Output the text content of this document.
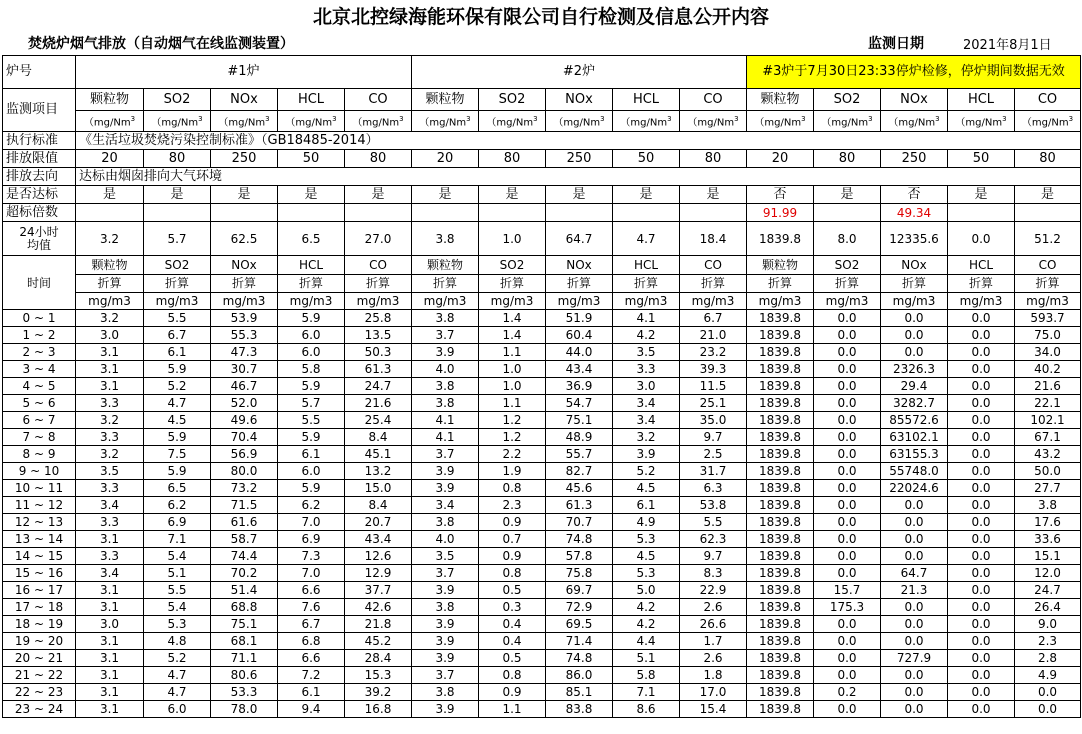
北京北控绿海能环保有限公司自行检测及信息公开内容
焚烧炉烟气排放（自动烟气在线监测装置）	监测日期	2021年8月1日
炉号	#1炉					#2炉					#3炉于7月30日23:33停炉检修，停炉期间数据无效				
监测项目	颗粒物	SO2	NOx	HCL	CO	颗粒物	SO2	NOx	HCL	CO	颗粒物	SO2	NOx	HCL	CO
	（mg/Nm$^3$	（mg/Nm$^3$	（mg/Nm$^3$	（mg/Nm$^3$	（mg/Nm$^3$	（mg/Nm$^3$	（mg/Nm$^3$	（mg/Nm$^3$	（mg/Nm$^3$	（mg/Nm$^3$	（mg/Nm$^3$	（mg/Nm$^3$	（mg/Nm$^3$	（mg/Nm$^3$	（mg/Nm$^3$
执行标准	《生活垃圾焚烧污染控制标准》（GB18485-2014）														
排放限值	20	80	250	50	80	20	80	250	50	80	20	80	250	50	80
排放去向	达标由烟囱排向大气环境														
是否达标	是	是	是	是	是	是	是	是	是	是	否	是	否	是	是
超标倍数											91.99		49.34		

24小时
均值	3.2	5.7	62.5	6.5	27.0	3.8	1.0	64.7	4.7	18.4	1839.8	8.0	12335.6	0.0	51.2
时间	颗粒物	SO2	NOx	HCL	CO	颗粒物	SO2	NOx	HCL	CO	颗粒物	SO2	NOx	HCL	CO
	折算	折算	折算	折算	折算	折算	折算	折算	折算	折算	折算	折算	折算	折算	折算
	mg/m3	mg/m3	mg/m3	mg/m3	mg/m3	mg/m3	mg/m3	mg/m3	mg/m3	mg/m3	mg/m3	mg/m3	mg/m3	mg/m3	mg/m3
0 ~ 1	3.2	5.5	53.9	5.9	25.8	3.8	1.4	51.9	4.1	6.7	1839.8	0.0	0.0	0.0	593.7
1 ~ 2	3.0	6.7	55.3	6.0	13.5	3.7	1.4	60.4	4.2	21.0	1839.8	0.0	0.0	0.0	75.0
2 ~ 3	3.1	6.1	47.3	6.0	50.3	3.9	1.1	44.0	3.5	23.2	1839.8	0.0	0.0	0.0	34.0
3 ~ 4	3.1	5.9	30.7	5.8	61.3	4.0	1.0	43.4	3.3	39.3	1839.8	0.0	2326.3	0.0	40.2
4 ~ 5	3.1	5.2	46.7	5.9	24.7	3.8	1.0	36.9	3.0	11.5	1839.8	0.0	29.4	0.0	21.6
5 ~ 6	3.3	4.7	52.0	5.7	21.6	3.8	1.1	54.7	3.4	25.1	1839.8	0.0	3282.7	0.0	22.1
6 ~ 7	3.2	4.5	49.6	5.5	25.4	4.1	1.2	75.1	3.4	35.0	1839.8	0.0	85572.6	0.0	102.1
7 ~ 8	3.3	5.9	70.4	5.9	8.4	4.1	1.2	48.9	3.2	9.7	1839.8	0.0	63102.1	0.0	67.1
8 ~ 9	3.2	7.5	56.9	6.1	45.1	3.7	2.2	55.7	3.9	2.5	1839.8	0.0	63155.3	0.0	43.2
9 ~ 10	3.5	5.9	80.0	6.0	13.2	3.9	1.9	82.7	5.2	31.7	1839.8	0.0	55748.0	0.0	50.0
10 ~ 11	3.3	6.5	73.2	5.9	15.0	3.9	0.8	45.6	4.5	6.3	1839.8	0.0	22024.6	0.0	27.7
11 ~ 12	3.4	6.2	71.5	6.2	8.4	3.4	2.3	61.3	6.1	53.8	1839.8	0.0	0.0	0.0	3.8
12 ~ 13	3.3	6.9	61.6	7.0	20.7	3.8	0.9	70.7	4.9	5.5	1839.8	0.0	0.0	0.0	17.6
13 ~ 14	3.1	7.1	58.7	6.9	43.4	4.0	0.7	74.8	5.3	62.3	1839.8	0.0	0.0	0.0	33.6
14 ~ 15	3.3	5.4	74.4	7.3	12.6	3.5	0.9	57.8	4.5	9.7	1839.8	0.0	0.0	0.0	15.1
15 ~ 16	3.4	5.1	70.2	7.0	12.9	3.7	0.8	75.8	5.3	8.3	1839.8	0.0	64.7	0.0	12.0
16 ~ 17	3.1	5.5	51.4	6.6	37.7	3.9	0.5	69.7	5.0	22.9	1839.8	15.7	21.3	0.0	24.7
17 ~ 18	3.1	5.4	68.8	7.6	42.6	3.8	0.3	72.9	4.2	2.6	1839.8	175.3	0.0	0.0	26.4
18 ~ 19	3.0	5.3	75.1	6.7	21.8	3.9	0.4	69.5	4.2	26.6	1839.8	0.0	0.0	0.0	9.0
19 ~ 20	3.1	4.8	68.1	6.8	45.2	3.9	0.4	71.4	4.4	1.7	1839.8	0.0	0.0	0.0	2.3
20 ~ 21	3.1	5.2	71.1	6.6	28.4	3.9	0.5	74.8	5.1	2.6	1839.8	0.0	727.9	0.0	2.8
21 ~ 22	3.1	4.7	80.6	7.2	15.3	3.7	0.8	86.0	5.8	1.8	1839.8	0.0	0.0	0.0	4.9
22 ~ 23	3.1	4.7	53.3	6.1	39.2	3.8	0.9	85.1	7.1	17.0	1839.8	0.2	0.0	0.0	0.0
23 ~ 24	3.1	6.0	78.0	9.4	16.8	3.9	1.1	83.8	8.6	15.4	1839.8	0.0	0.0	0.0	0.0
